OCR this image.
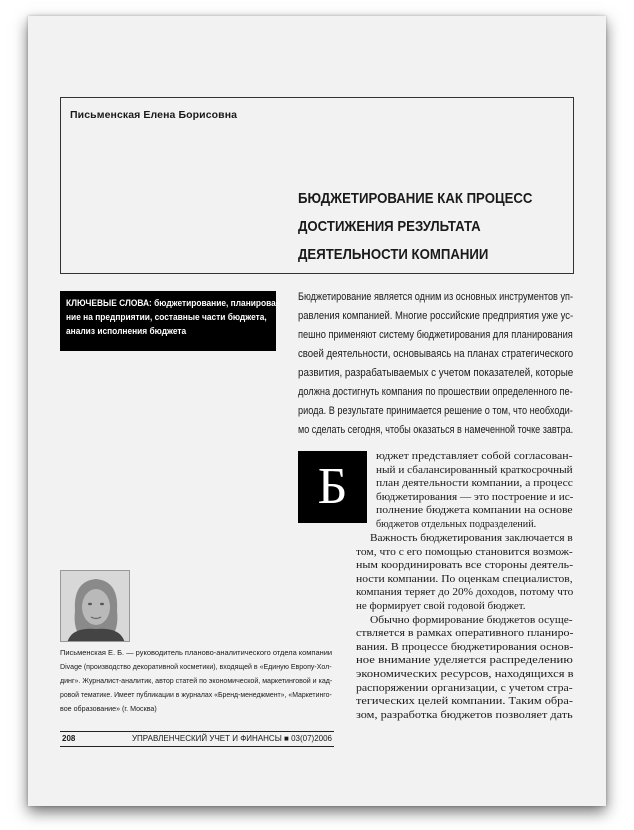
Письменская Елена Борисовна
БЮДЖЕТИРОВАНИЕ КАК ПРОЦЕСС
ДОСТИЖЕНИЯ РЕЗУЛЬТАТА
ДЕЯТЕЛЬНОСТИ КОМПАНИИ
КЛЮЧЕВЫЕ СЛОВА: бюджетирование, планирова-
ние на предприятии, составные части бюджета,
анализ исполнения бюджета
Бюджетирование является одним из основных инструментов уп-
равления компанией. Многие российские предприятия уже ус-
пешно применяют систему бюджетирования для планирования
своей деятельности, основываясь на планах стратегического
развития, разрабатываемых с учетом показателей, которые
должна достигнуть компания по прошествии определенного пе-
риода. В результате принимается решение о том, что необходи-
мо сделать сегодня, чтобы оказаться в намеченной точке завтра.
Б
юджет представляет собой согласован-
ный и сбалансированный краткосрочный
план деятельности компании, а процесс
бюджетирования — это построение и ис-
полнение бюджета компании на основе
бюджетов отдельных подразделений.
Важность бюджетирования заключается в
том, что с его помощью становится возмож-
ным координировать все стороны деятель-
ности компании. По оценкам специалистов,
компания теряет до 20% доходов, потому что
не формирует свой годовой бюджет.
Обычно формирование бюджетов осуще-
ствляется в рамках оперативного планиро-
вания. В процессе бюджетирования основ-
ное внимание уделяется распределению
экономических ресурсов, находящихся в
распоряжении организации, с учетом стра-
тегических целей компании. Таким обра-
зом, разработка бюджетов позволяет дать
Письменская Е. Б. — руководитель планово-аналитического отдела компании
Divage (производство декоративной косметики), входящей в «Единую Европу-Хол-
динг». Журналист-аналитик, автор статей по экономической, маркетинговой и кад-
ровой тематике. Имеет публикации в журналах «Бренд-менеджмент», «Маркетинго-
вое образование» (г. Москва)
208	УПРАВЛЕНЧЕСКИЙ УЧЕТ И ФИНАНСЫ ■ 03(07)2006
